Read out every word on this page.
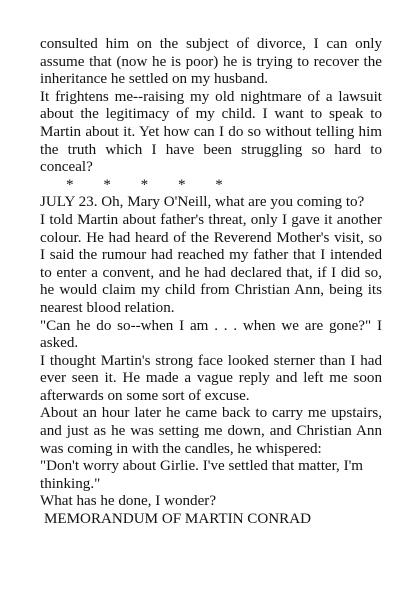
consulted him on the subject of divorce, I can only assume that (now he is poor) he is trying to recover the inheritance he settled on my husband.

It frightens me--raising my old nightmare of a lawsuit about the legitimacy of my child. I want to speak to Martin about it. Yet how can I do so without telling him the truth which I have been struggling so hard to conceal?

* * * * *

JULY 23. Oh, Mary O'Neill, what are you coming to?

I told Martin about father's threat, only I gave it another colour. He had heard of the Reverend Mother's visit, so I said the rumour had reached my father that I intended to enter a convent, and he had declared that, if I did so, he would claim my child from Christian Ann, being its nearest blood relation.

"Can he do so--when I am . . . when we are gone?" I asked.

I thought Martin's strong face looked sterner than I had ever seen it. He made a vague reply and left me soon afterwards on some sort of excuse.

About an hour later he came back to carry me upstairs, and just as he was setting me down, and Christian Ann was coming in with the candles, he whispered:

"Don't worry about Girlie. I've settled that matter, I'm thinking."

What has he done, I wonder?

MEMORANDUM OF MARTIN CONRAD
